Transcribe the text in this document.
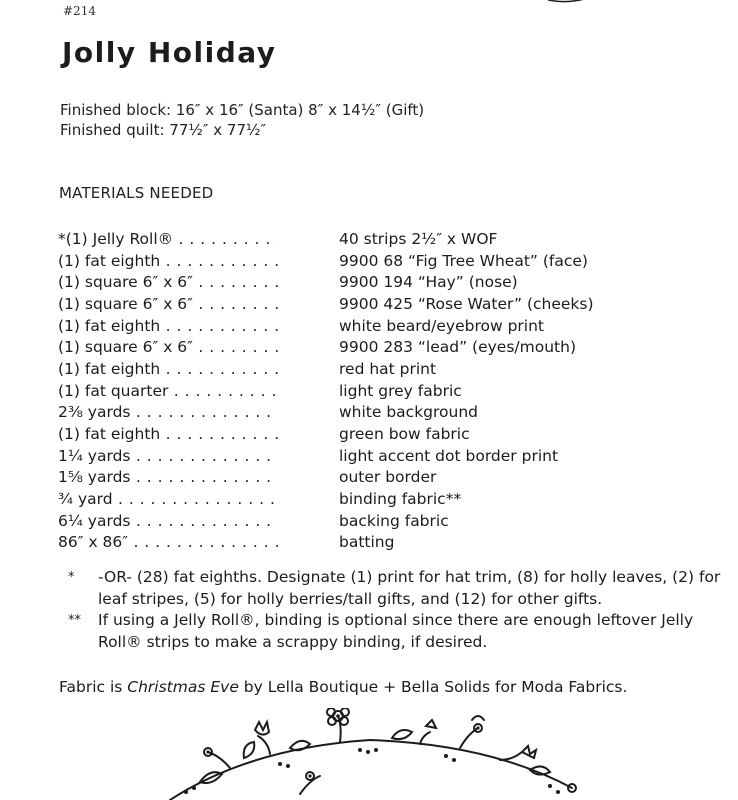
#214
Jolly Holiday
Finished block: 16″ x 16″ (Santa) 8″ x 14½″ (Gift)
Finished quilt: 77½″ x 77½″
MATERIALS NEEDED
*(1) Jelly Roll® . . .	40 strips 2½″ x WOF
(1) fat eighth . . .	9900 68 “Fig Tree Wheat” (face)
(1) square 6″ x 6″ . . .	9900 194 “Hay” (nose)
(1) square 6″ x 6″ . . .	9900 425 “Rose Water” (cheeks)
(1) fat eighth . . .	white beard/eyebrow print
(1) square 6″ x 6″ . . .	9900 283 “lead” (eyes/mouth)
(1) fat eighth . . .	red hat print
(1) fat quarter . . .	light grey fabric
2⅜ yards . . .	white background
(1) fat eighth . . .	green bow fabric
1¼ yards . . .	light accent dot border print
1⅝ yards . . .	outer border
¾ yard . . .	binding fabric**
6¼ yards . . .	backing fabric
86″ x 86″ . . .	batting
*	-OR- (28) fat eighths. Designate (1) print for hat trim, (8) for holly leaves, (2) for leaf stripes, (5) for holly berries/tall gifts, and (12) for other gifts.
**	If using a Jelly Roll®, binding is optional since there are enough leftover Jelly Roll® strips to make a scrappy binding, if desired.
Fabric is Christmas Eve by Lella Boutique + Bella Solids for Moda Fabrics.
